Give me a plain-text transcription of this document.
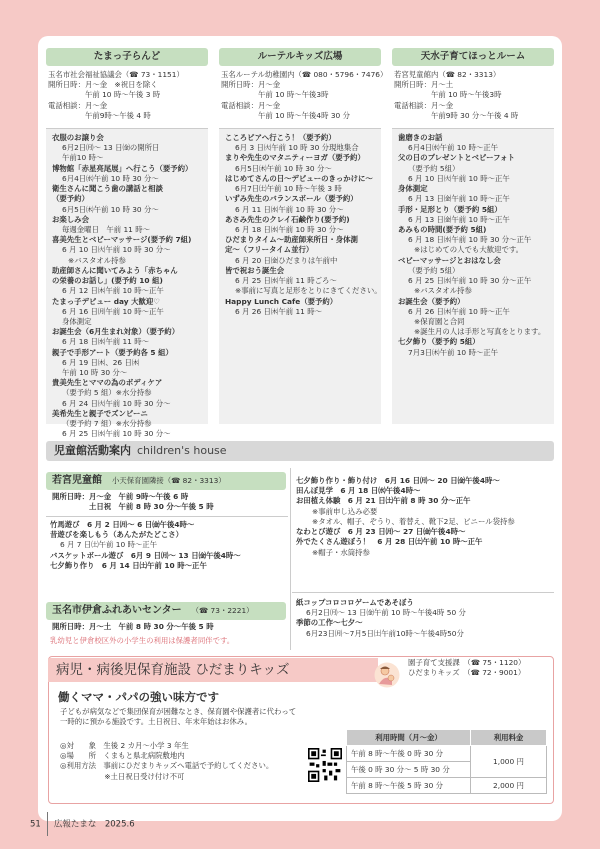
たまっ子らんど
玉名市社会福祉協議会（☎ 73・1151）
開所日時：月～金　※祝日を除く
　　　　　午前 10 時～午後 3 時
電話相談：月～金
　　　　　午前9時～午後 4 時
衣服のお譲り会
6月2日㈪～ 13 日㈮の開所日
午前10 時～
博物館「赤星亮尾展」へ行こう（要予約）
6月4日㈬午前 10 時 30 分～
衛生さんに聞こう歯の講話と相談
（要予約）
6月5日㈭午前 10 時 30 分～
お楽しみ会
毎週金曜日　午前 11 時～
喜美先生とベビーマッサージ(要予約 7組)
6 月 10 日㈫午前 10 時 30 分～
※バスタオル持参
助産師さんに聞いてみよう「赤ちゃん
の栄養のお話し」(要予約 10 組)
6 月 12 日㈭午前 10 時～正午
たまっ子デビュー day 大歓迎♡
6 月 16 日㈪午前 10 時～正午
身体測定
お誕生会（6月生まれ対象）（要予約）
6 月 18 日㈬午前 11 時～
親子で手形アート（要予約各 5 組）
6 月 19 日㈭、26 日㈭
午前 10 時 30 分～
貴美先生とママの為のボディケア
（要予約 5 組）※水分持参
6 月 24 日㈫午前 10 時 30 分～
美希先生と親子でズンビーニ
（要予約 7 組）※水分持参
6 月 25 日㈬午前 10 時 30 分～
ルーテルキッズ広場
玉名ルーテル幼稚園内（☎ 080・5796・7476）
開所日時：月～金
　　　　　午前 10 時～午後3時
電話相談：月～金
　　　　　午前 10 時～午後4時 30 分
こころピアへ行こう！（要予約）
6月 3 日㈫午前 10 時 30 分現地集合
まりや先生のマタニティーヨガ（要予約）
6月5日㈭午前 10 時 30 分～
はじめてさんの日～デビューのきっかけに～
6月7日㈯午前 10 時～午後 3 時
いずみ先生のバランスボール（要予約）
6 月 11 日㈬午前 10 時 30 分～
あさみ先生のクレイ石鹸作り(要予約)
6 月 18 日㈬午前 10 時 30 分～
ひだまりタイム～助産師来所日・身体測
定～（フリータイム並行）
6 月 20 日㈮ひだまりは午前中
皆で祝おう誕生会
6 月 25 日㈬午前 11 時ごろ～
※事前に写真と足形をとりにきてください。
Happy Lunch Cafe（要予約）
6 月 26 日㈭午前 11 時～
天水子育てほっとルーム
若宮児童館内（☎ 82・3313）
開所日時：月～土
　　　　　午前 10 時～午後3時
電話相談：月～金
　　　　　午前9時 30 分～午後 4 時
歯磨きのお話
6月4日㈬午前 10 時～正午
父の日のプレゼントとベビーフォト
（要予約 5組）
6 月 10 日㈫午前 10 時～正午
身体測定
6 月 13 日㈮午前 10 時～正午
手形・足形とり（要予約 5組）
6 月 13 日㈮午前 10 時～正午
あみもの時間(要予約 5組)
6 月 18 日㈬午前 10 時 30 分～正午
※はじめての人でも大歓迎です。
ベビーマッサージとおはなし会
（要予約 5組）
6 月 25 日㈬午前 10 時 30 分～正午
※バスタオル持参
お誕生会（要予約）
6 月 26 日㈭午前 10 時～正午
※保育園と合同
※誕生月の人は手形と写真をとります。
七夕飾り（要予約 5組）
7月3日㈭午前 10 時～正午
児童館活動案内 children's house
若宮児童館 小天保育園隣接（☎ 82・3313）
開所日時：月～金　午前 9時～午後 6 時
　　　　　土日祝　午前 8 時 30 分～午後 5 時
竹馬遊び　6 月 2 日㈪～ 6 日㈮午後4時～
昔遊びを楽しもう（あんたがたどこさ）
6 月 7 日㈯午前 10 時～正午
バスケットボール遊び　6月 9 日㈪～ 13 日㈮午後4時～
七夕飾り作り　6 月 14 日㈯午前 10 時～正午
七夕飾り作り・飾り付け　6月 16 日㈪～ 20 日㈮午後4時～
田んぼ見学　6 月 18 日㈬午後4時～
お田植え体験　6 月 21 日㈯午前 8 時 30 分～正午
※事前申し込み必要
※タオル、帽子、ぞうり、着替え、靴下2足、ビニール袋持参
なわとび遊び　6 月 23 日㈪～ 27 日㈮午後4時～
外でたくさん遊ぼう！　6 月 28 日㈯午前 10 時～正午
※帽子・水筒持参
玉名市伊倉ふれあいセンター （☎ 73・2221）
開所日時：月～土　午前 8 時 30 分～午後 5 時
乳幼児と伊倉校区外の小学生の利用は保護者同伴です。
紙コップコロコロゲームであそぼう
6月2日㈪～ 13 日㈮午前 10 時～午後4時 50 分
季節の工作～七夕～
6月23日㈪～7月5日㈯午前10時～午後4時50分
病児・病後児保育施設 ひだまりキッズ	園子育て支援課　（☎ 75・1120）
ひだまりキッズ　（☎ 72・9001）
働くママ・パパの強い味方です
子どもが病気などで集団保育が困難なとき、保育園や保護者に代わって
一時的に預かる施設です。土日祝日、年末年始はお休み。
◎対　　象　生後 2 カ月～小学 3 年生
◎場　　所　くまもと県北病院敷地内
◎利用方法　事前にひだまりキッズへ電話で予約してください。
　　　　　　※土日祝日受け付け不可
利用時間（月～金）	利用料金
午前 8 時～午後 0 時 30 分	1,000 円
午後 0 時 30 分～ 5 時 30 分	
午前 8 時～午後 5 時 30 分	2,000 円
51 広報たまな　 2025.6
